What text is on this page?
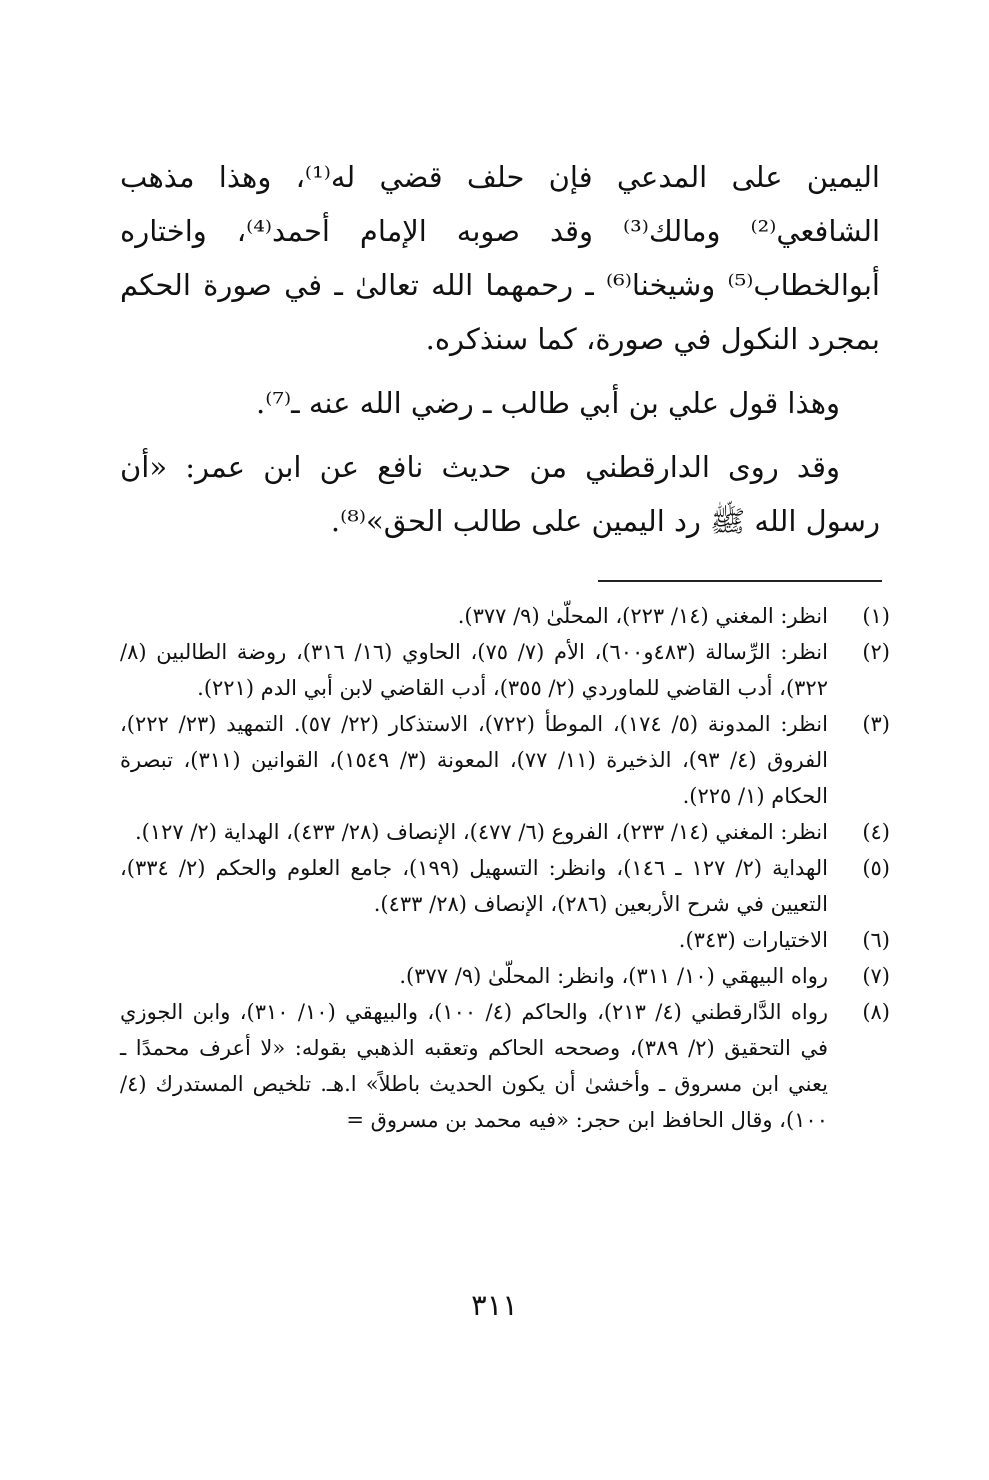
اليمين على المدعي فإن حلف قضي له⁽¹⁾، وهذا مذهب الشافعي⁽²⁾ ومالك⁽³⁾ وقد صوبه الإمام أحمد⁽⁴⁾، واختاره أبوالخطاب⁽⁵⁾ وشيخنا⁽⁶⁾ ـ رحمهما الله تعالىٰ ـ في صورة الحكم بمجرد النكول في صورة، كما سنذكره.

وهذا قول علي بن أبي طالب ـ رضي الله عنه ـ⁽⁷⁾.

وقد روى الدارقطني من حديث نافع عن ابن عمر: «أن رسول الله ﷺ رد اليمين على طالب الحق»⁽⁸⁾.

(١)
انظر: المغني (١٤/ ٢٢٣)، المحلّىٰ (٩/ ٣٧٧).
(٢)
انظر: الرِّسالة (٤٨٣و٦٠٠)، الأم (٧/ ٧٥)، الحاوي (١٦/ ٣١٦)، روضة الطالبين (٨/ ٣٢٢)، أدب القاضي للماوردي (٢/ ٣٥٥)، أدب القاضي لابن أبي الدم (٢٢١).
(٣)
انظر: المدونة (٥/ ١٧٤)، الموطأ (٧٢٢)، الاستذكار (٢٢/ ٥٧). التمهيد (٢٣/ ٢٢٢)، الفروق (٤/ ٩٣)، الذخيرة (١١/ ٧٧)، المعونة (٣/ ١٥٤٩)، القوانين (٣١١)، تبصرة الحكام (١/ ٢٢٥).
(٤)
انظر: المغني (١٤/ ٢٣٣)، الفروع (٦/ ٤٧٧)، الإنصاف (٢٨/ ٤٣٣)، الهداية (٢/ ١٢٧).
(٥)
الهداية (٢/ ١٢٧ ـ ١٤٦)، وانظر: التسهيل (١٩٩)، جامع العلوم والحكم (٢/ ٣٣٤)، التعيين في شرح الأربعين (٢٨٦)، الإنصاف (٢٨/ ٤٣٣).
(٦)
الاختيارات (٣٤٣).
(٧)
رواه البيهقي (١٠/ ٣١١)، وانظر: المحلّىٰ (٩/ ٣٧٧).
(٨)
رواه الدَّارقطني (٤/ ٢١٣)، والحاكم (٤/ ١٠٠)، والبيهقي (١٠/ ٣١٠)، وابن الجوزي في التحقيق (٢/ ٣٨٩)، وصححه الحاكم وتعقبه الذهبي بقوله: «لا أعرف محمدًا ـ يعني ابن مسروق ـ وأخشىٰ أن يكون الحديث باطلاً» ا.هـ. تلخيص المستدرك (٤/ ١٠٠)، وقال الحافظ ابن حجر: «فيه محمد بن مسروق =
٣١١
